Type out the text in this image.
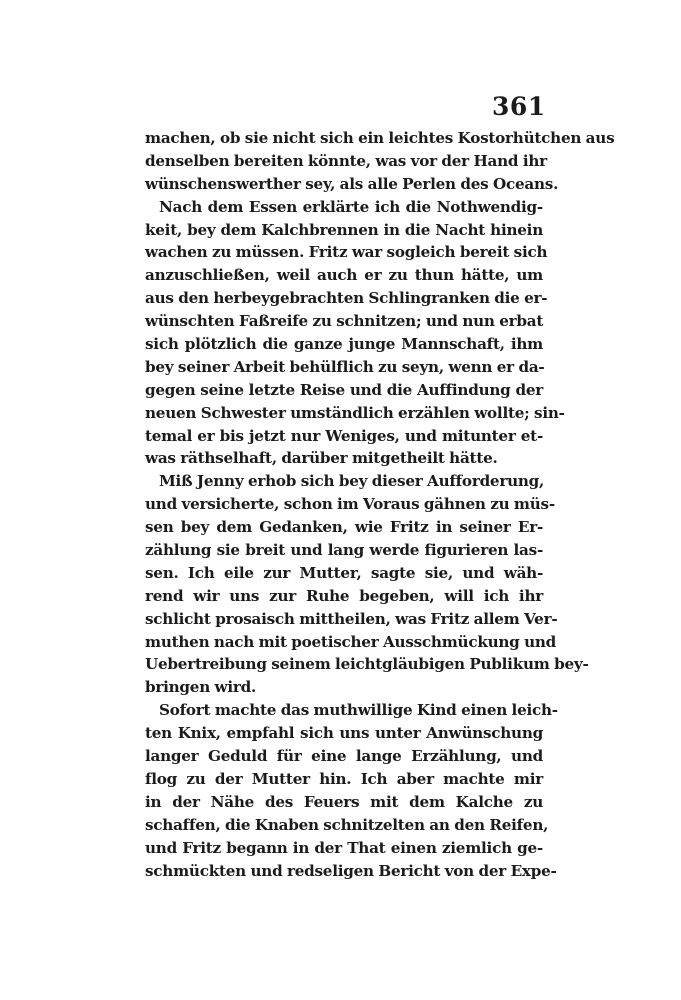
361
machen, ob sie nicht sich ein leichtes Kostorhütchen aus
denselben bereiten könnte, was vor der Hand ihr
wünschenswerther sey, als alle Perlen des Oceans.
Nach dem Essen erklärte ich die Nothwendig-
keit, bey dem Kalchbrennen in die Nacht hinein
wachen zu müssen. Fritz war sogleich bereit sich
anzuschließen, weil auch er zu thun hätte, um
aus den herbeygebrachten Schlingranken die er-
wünschten Faßreife zu schnitzen; und nun erbat
sich plötzlich die ganze junge Mannschaft, ihm
bey seiner Arbeit behülflich zu seyn, wenn er da-
gegen seine letzte Reise und die Auffindung der
neuen Schwester umständlich erzählen wollte; sin-
temal er bis jetzt nur Weniges, und mitunter et-
was räthselhaft, darüber mitgetheilt hätte.
Miß Jenny erhob sich bey dieser Aufforderung,
und versicherte, schon im Voraus gähnen zu müs-
sen bey dem Gedanken, wie Fritz in seiner Er-
zählung sie breit und lang werde figurieren las-
sen. Ich eile zur Mutter, sagte sie, und wäh-
rend wir uns zur Ruhe begeben, will ich ihr
schlicht prosaisch mittheilen, was Fritz allem Ver-
muthen nach mit poetischer Ausschmückung und
Uebertreibung seinem leichtgläubigen Publikum bey-
bringen wird.
Sofort machte das muthwillige Kind einen leich-
ten Knix, empfahl sich uns unter Anwünschung
langer Geduld für eine lange Erzählung, und
flog zu der Mutter hin. Ich aber machte mir
in der Nähe des Feuers mit dem Kalche zu
schaffen, die Knaben schnitzelten an den Reifen,
und Fritz begann in der That einen ziemlich ge-
schmückten und redseligen Bericht von der Expe-
